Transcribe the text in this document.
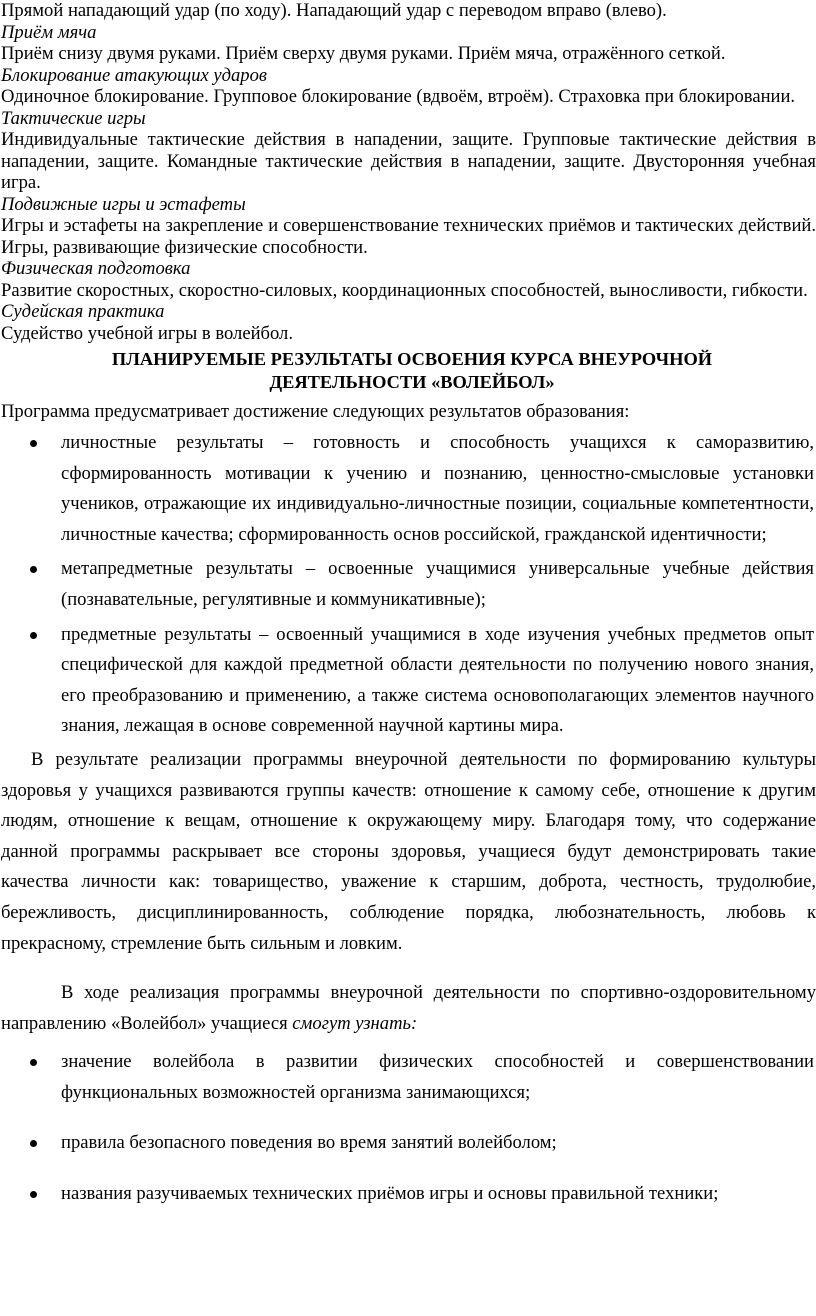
Прямой нападающий удар (по ходу). Нападающий удар с переводом вправо (влево).

Приём мяча

Приём снизу двумя руками. Приём сверху двумя руками. Приём мяча, отражённого сеткой.

Блокирование атакующих ударов

Одиночное блокирование. Групповое блокирование (вдвоём, втроём). Страховка при блокировании.

Тактические игры

Индивидуальные тактические действия в нападении, защите. Групповые тактические действия в нападении, защите. Командные тактические действия в нападении, защите. Двусторонняя учебная игра.

Подвижные игры и эстафеты

Игры и эстафеты на закрепление и совершенствование технических приёмов и тактических действий. Игры, развивающие физические способности.

Физическая подготовка

Развитие скоростных, скоростно-силовых, координационных способностей, выносливости, гибкости.

Судейская практика

Судейство учебной игры в волейбол.

ПЛАНИРУЕМЫЕ РЕЗУЛЬТАТЫ ОСВОЕНИЯ КУРСА ВНЕУРОЧНОЙ

ДЕЯТЕЛЬНОСТИ «ВОЛЕЙБОЛ»

Программа предусматривает достижение следующих результатов образования:

личностные результаты – готовность и способность учащихся к саморазвитию, сформированность мотивации к учению и познанию, ценностно-смысловые установки учеников, отражающие их индивидуально-личностные позиции, социальные компетентности, личностные качества; сформированность основ российской, гражданской идентичности;
метапредметные результаты – освоенные учащимися универсальные учебные действия (познавательные, регулятивные и коммуникативные);
предметные результаты – освоенный учащимися в ходе изучения учебных предметов опыт специфической для каждой предметной области деятельности по получению нового знания, его преобразованию и применению, а также система основополагающих элементов научного знания, лежащая в основе современной научной картины мира.

В результате реализации программы внеурочной деятельности по формированию культуры здоровья у учащихся развиваются группы качеств: отношение к самому себе, отношение к другим людям, отношение к вещам, отношение к окружающему миру. Благодаря тому, что содержание данной программы раскрывает все стороны здоровья, учащиеся будут демонстрировать такие качества личности как: товарищество, уважение к старшим, доброта, честность, трудолюбие, бережливость, дисциплинированность, соблюдение порядка, любознательность, любовь к прекрасному, стремление быть сильным и ловким.

В ходе реализация программы внеурочной деятельности по спортивно-оздоровительному направлению «Волейбол» учащиеся смогут узнать:

значение волейбола в развитии физических способностей и совершенствовании функциональных возможностей организма занимающихся;
правила безопасного поведения во время занятий волейболом;
названия разучиваемых технических приёмов игры и основы правильной техники;
